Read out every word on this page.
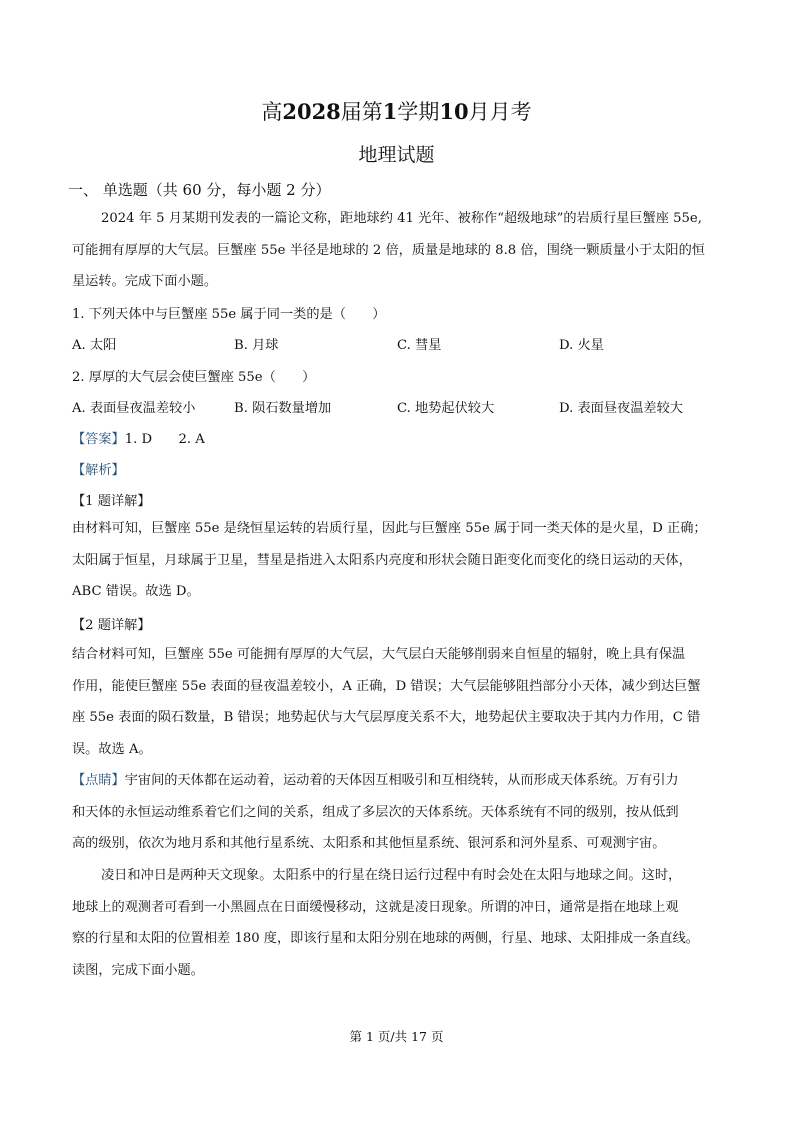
高2028届第1学期10月月考
地理试题
一、 单选题（共 60 分，每小题 2 分）
2024 年 5 月某期刊发表的一篇论文称，距地球约 41 光年、被称作“超级地球”的岩质行星巨蟹座 55e,
可能拥有厚厚的大气层。巨蟹座 55e 半径是地球的 2 倍，质量是地球的 8.8 倍，围绕一颗质量小于太阳的恒
星运转。完成下面小题。
1. 下列天体中与巨蟹座 55e 属于同一类的是（　　）
A. 太阳	B. 月球	C. 彗星	D. 火星
2. 厚厚的大气层会使巨蟹座 55e（　　）
A. 表面昼夜温差较小	B. 陨石数量增加	C. 地势起伏较大	D. 表面昼夜温差较大
【答案】1. D　　2. A
【解析】
【1 题详解】
由材料可知，巨蟹座 55e 是绕恒星运转的岩质行星，因此与巨蟹座 55e 属于同一类天体的是火星，D 正确；
太阳属于恒星，月球属于卫星，彗星是指进入太阳系内亮度和形状会随日距变化而变化的绕日运动的天体，
ABC 错误。故选 D。
【2 题详解】
结合材料可知，巨蟹座 55e 可能拥有厚厚的大气层，大气层白天能够削弱来自恒星的辐射，晚上具有保温
作用，能使巨蟹座 55e 表面的昼夜温差较小，A 正确，D 错误；大气层能够阻挡部分小天体，减少到达巨蟹
座 55e 表面的陨石数量，B 错误；地势起伏与大气层厚度关系不大，地势起伏主要取决于其内力作用，C 错
误。故选 A。
【点睛】宇宙间的天体都在运动着，运动着的天体因互相吸引和互相绕转，从而形成天体系统。万有引力
和天体的永恒运动维系着它们之间的关系，组成了多层次的天体系统。天体系统有不同的级别，按从低到
高的级别，依次为地月系和其他行星系统、太阳系和其他恒星系统、银河系和河外星系、可观测宇宙。
凌日和冲日是两种天文现象。太阳系中的行星在绕日运行过程中有时会处在太阳与地球之间。这时，
地球上的观测者可看到一小黑圆点在日面缓慢移动，这就是凌日现象。所谓的冲日，通常是指在地球上观
察的行星和太阳的位置相差 180 度，即该行星和太阳分别在地球的两侧，行星、地球、太阳排成一条直线。
读图，完成下面小题。
第 1 页/共 17 页
